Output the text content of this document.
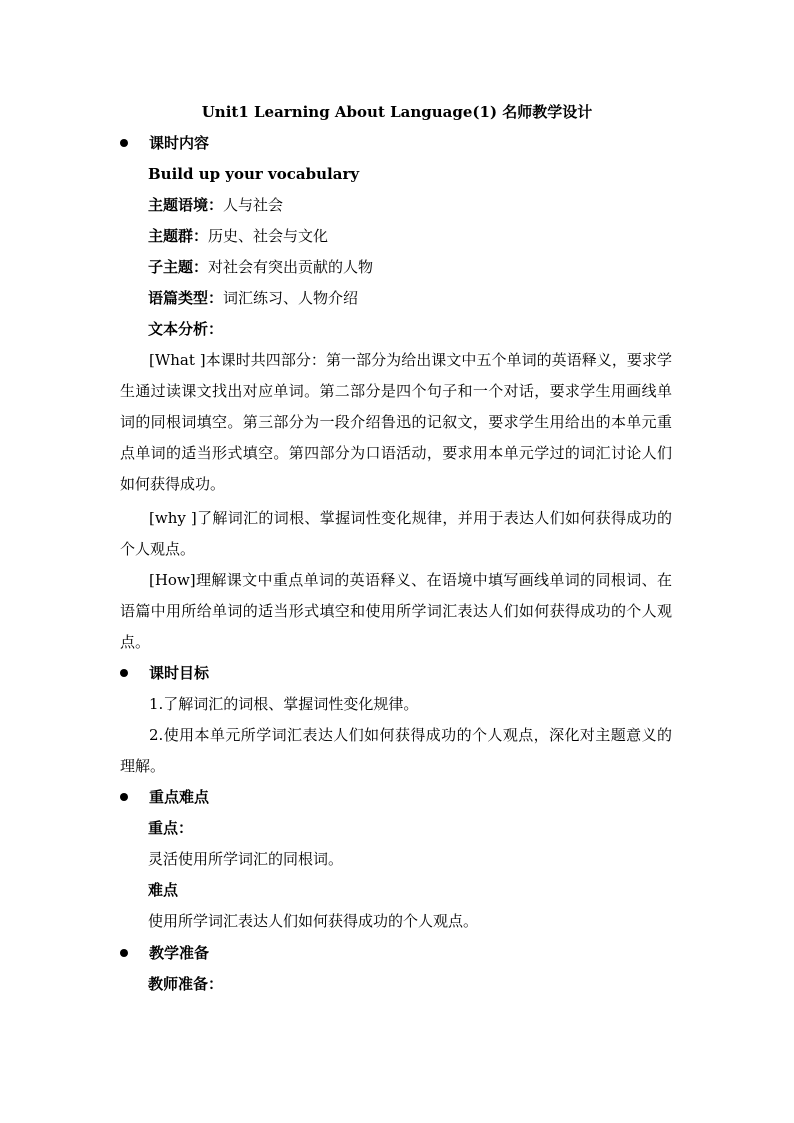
Unit1 Learning About Language(1) 名师教学设计
课时内容
Build up your vocabulary
主题语境：人与社会
主题群：历史、社会与文化
子主题：对社会有突出贡献的人物
语篇类型：词汇练习、人物介绍
文本分析：
[What ]本课时共四部分：第一部分为给出课文中五个单词的英语释义，要求学生通过读课文找出对应单词。第二部分是四个句子和一个对话，要求学生用画线单词的同根词填空。第三部分为一段介绍鲁迅的记叙文，要求学生用给出的本单元重点单词的适当形式填空。第四部分为口语活动，要求用本单元学过的词汇讨论人们如何获得成功。
[why ]了解词汇的词根、掌握词性变化规律，并用于表达人们如何获得成功的个人观点。
[How]理解课文中重点单词的英语释义、在语境中填写画线单词的同根词、在语篇中用所给单词的适当形式填空和使用所学词汇表达人们如何获得成功的个人观点。
课时目标
1.了解词汇的词根、掌握词性变化规律。
2.使用本单元所学词汇表达人们如何获得成功的个人观点，深化对主题意义的理解。
重点难点
重点：
灵活使用所学词汇的同根词。
难点
使用所学词汇表达人们如何获得成功的个人观点。
教学准备
教师准备：
